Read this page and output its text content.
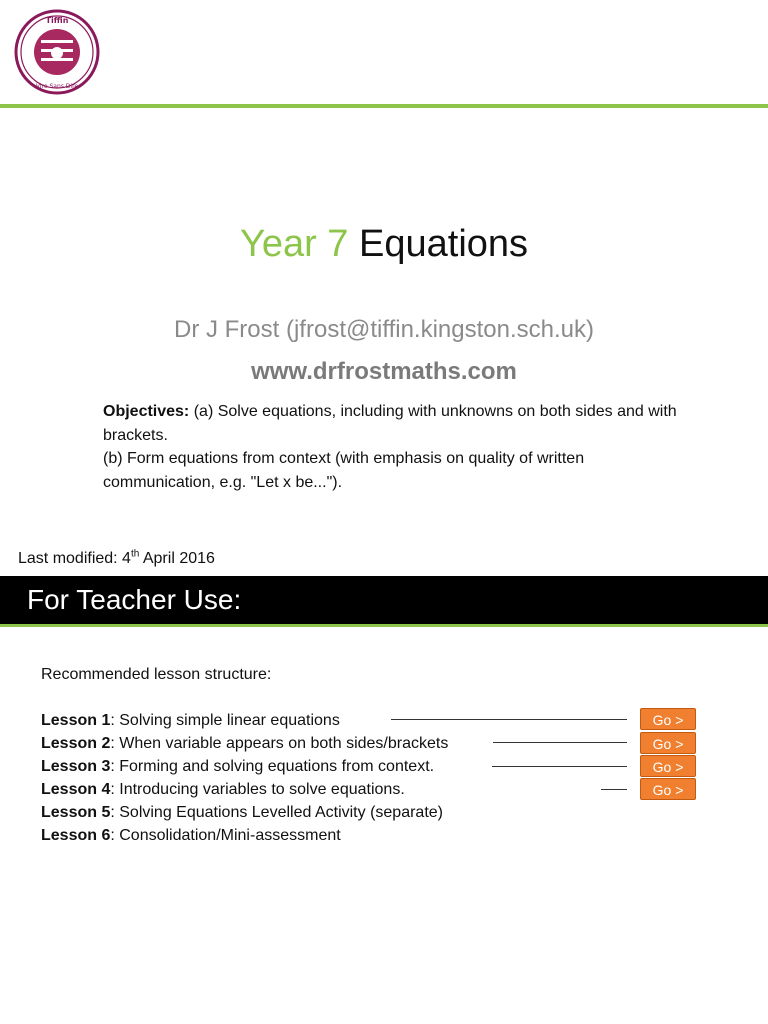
Tiffin
Vire Sans Dire
Year 7 Equations
Dr J Frost (jfrost@tiffin.kingston.sch.uk)
www.drfrostmaths.com
Objectives: (a) Solve equations, including with unknowns on both sides and with brackets.
(b) Form equations from context (with emphasis on quality of written communication, e.g. "Let x be...").
Last modified: 4th April 2016
For Teacher Use:
Recommended lesson structure:
Lesson 1: Solving simple linear equations
Lesson 2: When variable appears on both sides/brackets
Lesson 3: Forming and solving equations from context.
Lesson 4: Introducing variables to solve equations.
Lesson 5: Solving Equations Levelled Activity (separate)
Lesson 6: Consolidation/Mini-assessment
Go >
Go >
Go >
Go >
